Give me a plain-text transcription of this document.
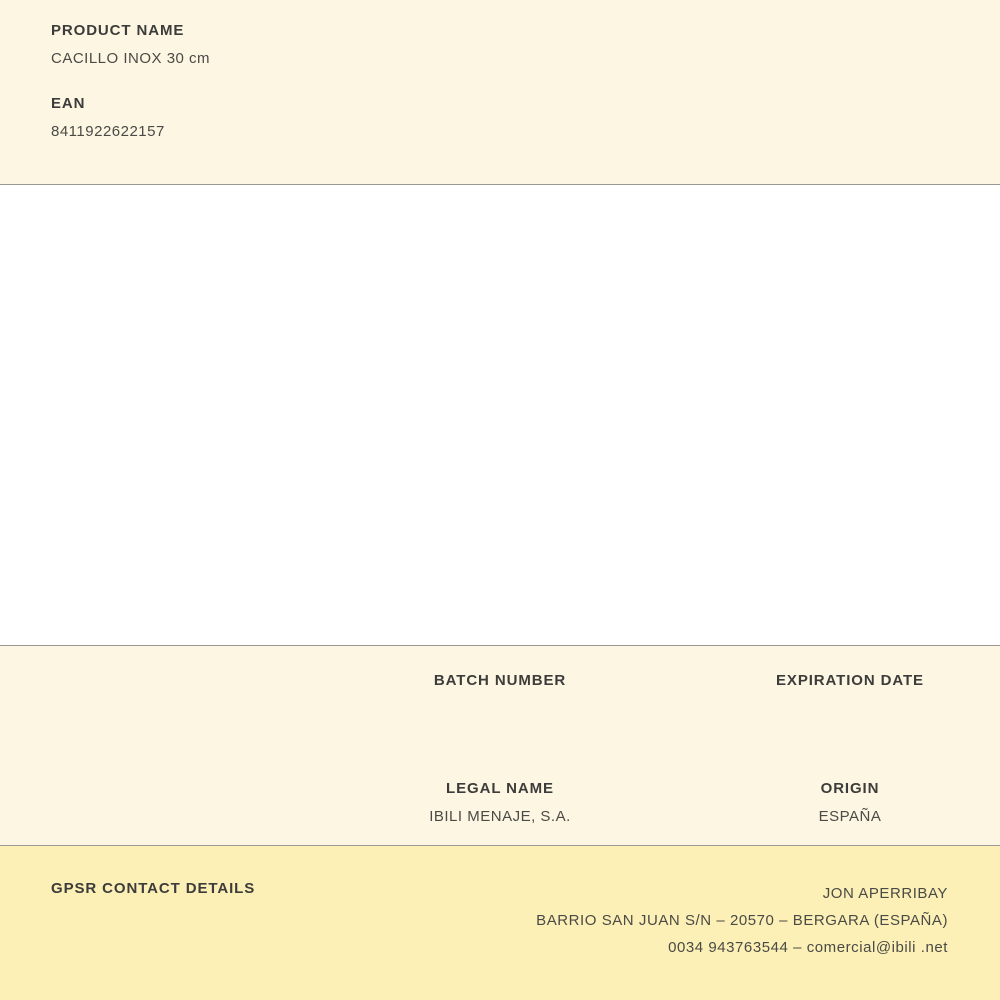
PRODUCT NAME
CACILLO INOX 30 cm
EAN
8411922622157
BATCH NUMBER	EXPIRATION DATE
LEGAL NAME
IBILI MENAJE, S.A.
ORIGIN
ESPAÑA
GPSR CONTACT DETAILS	JON APERRIBAY
BARRIO SAN JUAN S/N – 20570 – BERGARA (ESPAÑA)
0034 943763544 – comercial@ibili .net
